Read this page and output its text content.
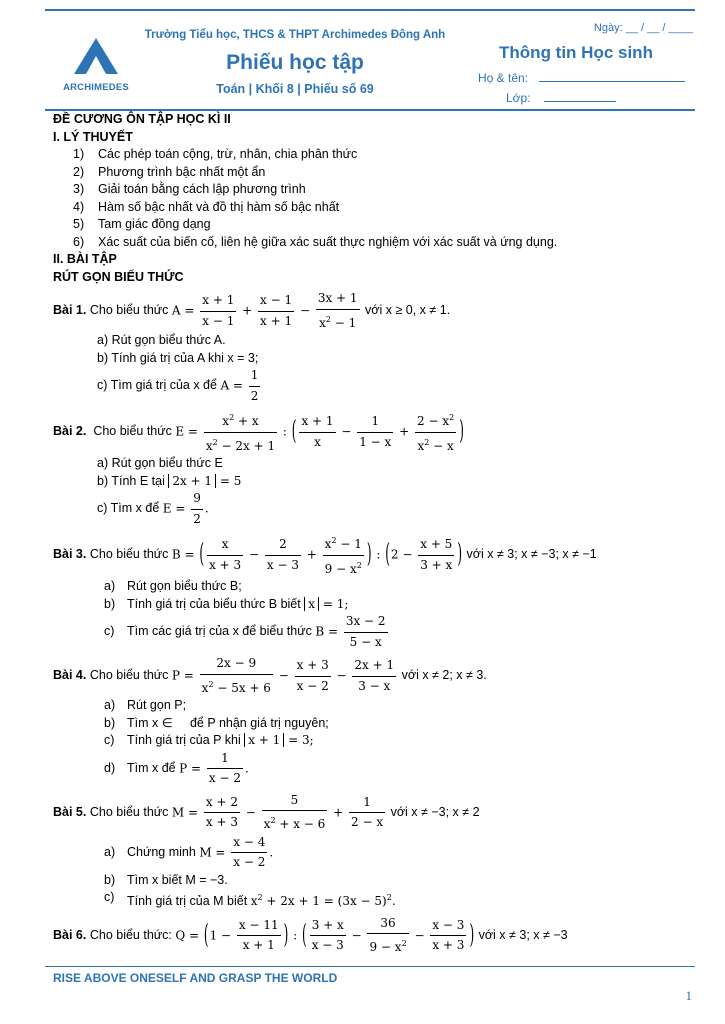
ARCHIMEDES
Trường Tiểu học, THCS & THPT Archimedes Đông Anh
Phiếu học tập
Toán | Khối 8 | Phiếu số 69
Ngày: __ / __ / ____
Thông tin Học sinh
Họ & tên:
Lớp:
ĐỀ CƯƠNG ÔN TẬP HỌC KÌ II
I. LÝ THUYẾT
1) Các phép toán cộng, trừ, nhân, chia phân thức
2) Phương trình bậc nhất một ẩn
3) Giải toán bằng cách lập phương trình
4) Hàm số bậc nhất và đồ thị hàm số bậc nhất
5) Tam giác đồng dạng
6) Xác suất của biến cố, liên hệ giữa xác suất thực nghiệm với xác suất và ứng dụng.
II. BÀI TẬP
RÚT GỌN BIỂU THỨC
Bài 1.
Cho biểu thức
$A = \frac{x + 1}{x - 1} + \frac{x - 1}{x + 1} - \frac{3x + 1}{x^2 - 1}$
với x ≥ 0, x ≠ 1.
a) Rút gọn biểu thức A.
b) Tính giá trị của A khi x = 3;
c) Tìm giá trị của x để
$A = \frac{1}{2}$
Bài 2.
Cho biểu thức
$E = \frac{x^2 + x}{x^2 - 2x + 1}$ : ( $\frac{x + 1}{x} - \frac{1}{1 - x} + \frac{2 - x^2}{x^2 - x}$ )
a) Rút gọn biểu thức E
b) Tính E tại 2x + 1 = 5
c) Tìm x để
$E = \frac{9}{2}$ .
Bài 3.
Cho biểu thức
B = ( $\frac{x}{x + 3} - \frac{2}{x - 3} + \frac{x^2 - 1}{9 - x^2}$ ) : ($2 - \frac{x + 5}{3 + x}$ )
với x ≠ 3; x ≠ −3; x ≠ −1
a) Rút gọn biểu thức B;
b) Tính giá trị của biểu thức B biết x = 1;
c) Tìm các giá trị của x để biểu thức
$B = \frac{3x - 2}{5 - x}$
Bài 4.
Cho biểu thức
$P = \frac{2x - 9}{x^2 - 5x + 6} - \frac{x + 3}{x - 2} - \frac{2x + 1}{3 - x}$
với x ≠ 2; x ≠ 3.
a) Rút gọn P;
b) Tìm x ∈ để P nhận giá trị nguyên;
c) Tính giá trị của P khi x + 1 = 3;
d) Tìm x để
$P = \frac{1}{x - 2}$ .
Bài 5.
Cho biểu thức
$M = \frac{x + 2}{x + 3} - \frac{5}{x^2 + x - 6} + \frac{1}{2 - x}$
với x ≠ −3; x ≠ 2
a) Chứng minh
$M = \frac{x - 4}{x - 2}$ .
b) Tìm x biết M = −3.
c) Tính giá trị của M biết $x^2 + 2x + 1 = (3x - 5)^2$.
Bài 6.
Cho biểu thức:
$Q = (1 - \frac{x - 11}{x + 1}$ ) : ( $\frac{3 + x}{x - 3} - \frac{36}{9 - x^2} - \frac{x - 3}{x + 3}$ )
với x ≠ 3; x ≠ −3
RISE ABOVE ONESELF AND GRASP THE WORLD
1
